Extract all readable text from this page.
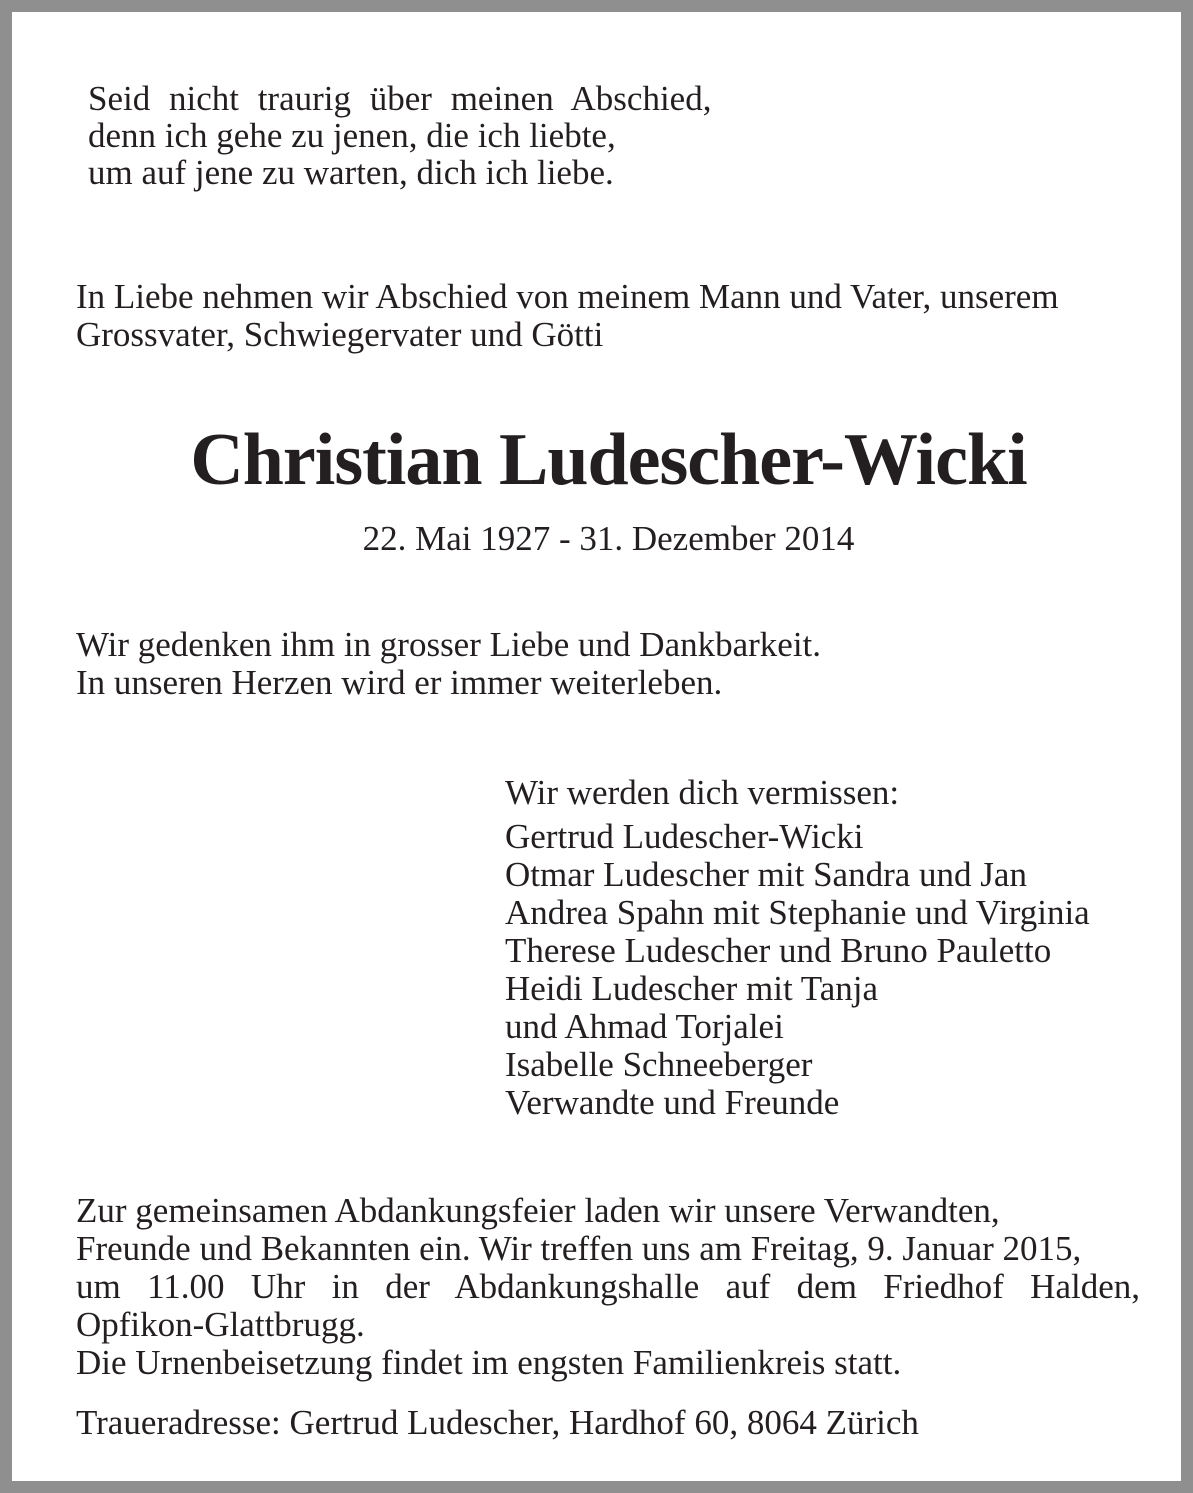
Seid nicht traurig über meinen Abschied,
denn ich gehe zu jenen, die ich liebte,
um auf jene zu warten, dich ich liebe.
In Liebe nehmen wir Abschied von meinem Mann und Vater, unserem
Grossvater, Schwiegervater und Götti
Christian Ludescher-Wicki
22. Mai 1927 - 31. Dezember 2014
Wir gedenken ihm in grosser Liebe und Dankbarkeit.
In unseren Herzen wird er immer weiterleben.
Wir werden dich vermissen:
Gertrud Ludescher-Wicki
Otmar Ludescher mit Sandra und Jan
Andrea Spahn mit Stephanie und Virginia
Therese Ludescher und Bruno Pauletto
Heidi Ludescher mit Tanja
und Ahmad Torjalei
Isabelle Schneeberger
Verwandte und Freunde
Zur gemeinsamen Abdankungsfeier laden wir unsere Verwandten,
Freunde und Bekannten ein. Wir treffen uns am Freitag, 9. Januar 2015,
um 11.00 Uhr in der Abdankungshalle auf dem Friedhof Halden,
Opfikon-Glattbrugg.
Die Urnenbeisetzung findet im engsten Familienkreis statt.
Traueradresse: Gertrud Ludescher, Hardhof 60, 8064 Zürich
